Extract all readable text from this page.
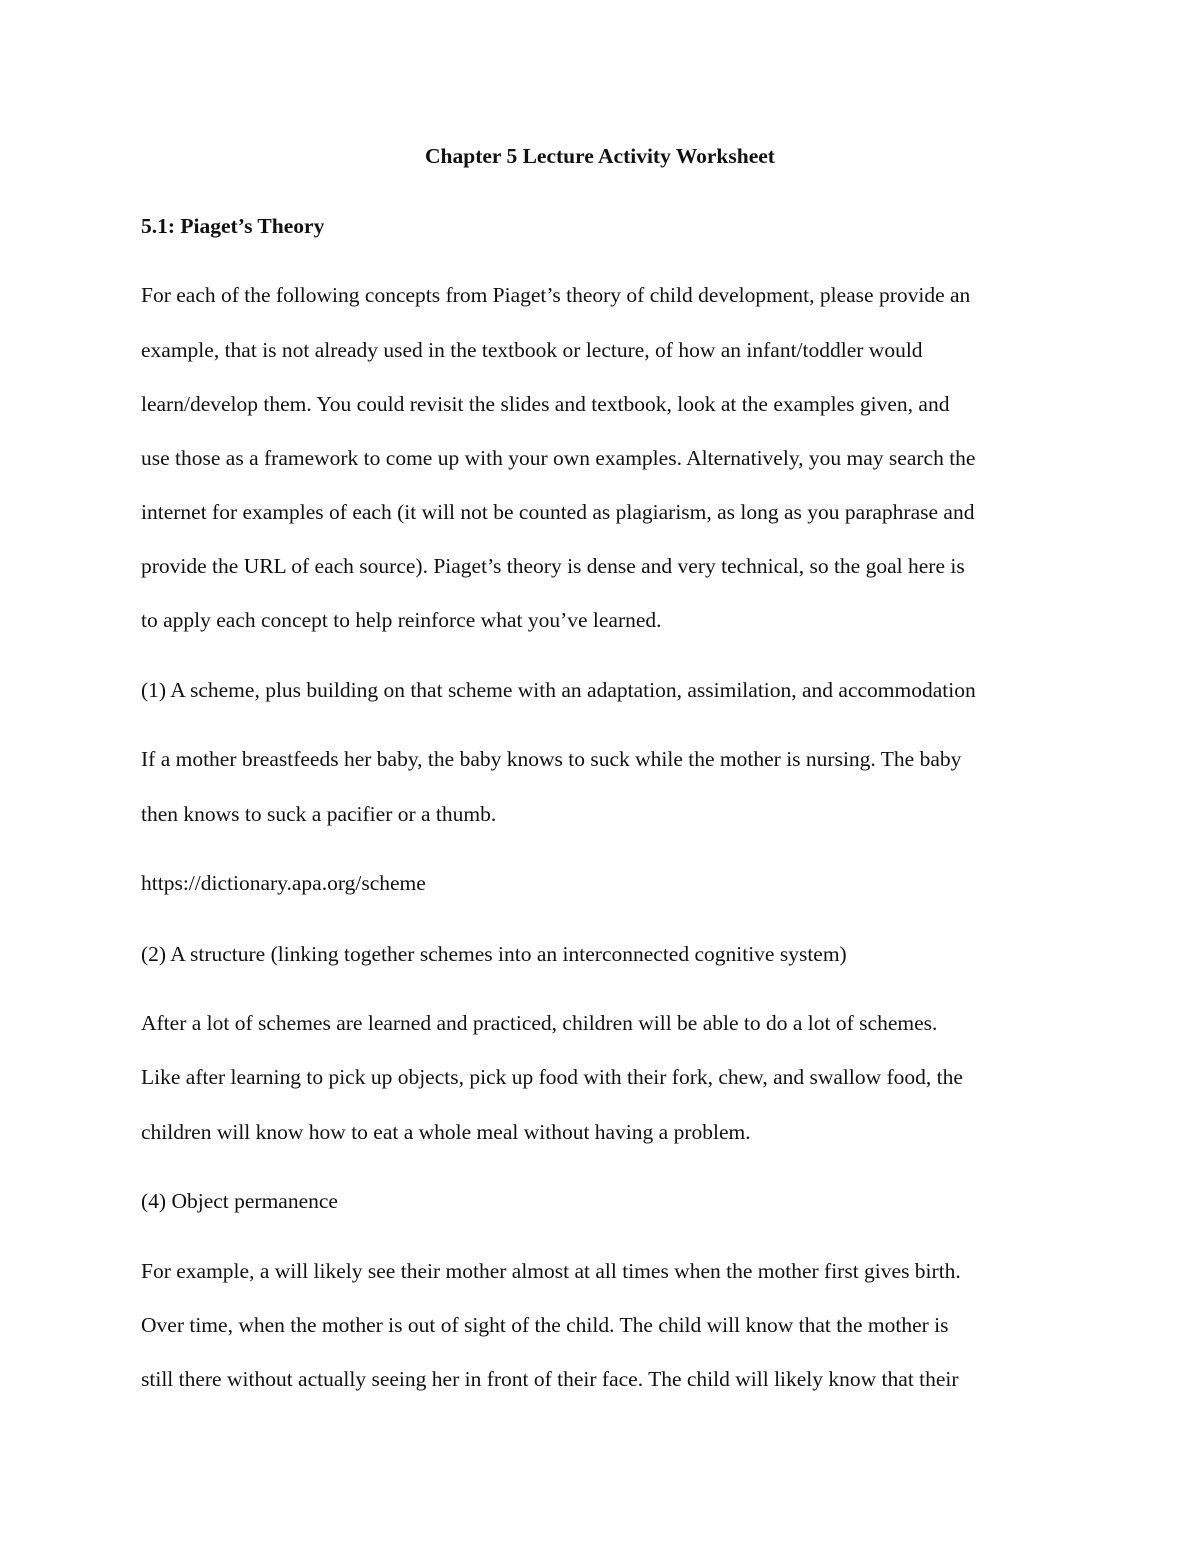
Chapter 5 Lecture Activity Worksheet

5.1: Piaget’s Theory

For each of the following concepts from Piaget’s theory of child development, please provide an

example, that is not already used in the textbook or lecture, of how an infant/toddler would

learn/develop them. You could revisit the slides and textbook, look at the examples given, and

use those as a framework to come up with your own examples. Alternatively, you may search the

internet for examples of each (it will not be counted as plagiarism, as long as you paraphrase and

provide the URL of each source). Piaget’s theory is dense and very technical, so the goal here is

to apply each concept to help reinforce what you’ve learned.

(1) A scheme, plus building on that scheme with an adaptation, assimilation, and accommodation

If a mother breastfeeds her baby, the baby knows to suck while the mother is nursing. The baby

then knows to suck a pacifier or a thumb.

https://dictionary.apa.org/scheme

(2) A structure (linking together schemes into an interconnected cognitive system)

After a lot of schemes are learned and practiced, children will be able to do a lot of schemes.

Like after learning to pick up objects, pick up food with their fork, chew, and swallow food, the

children will know how to eat a whole meal without having a problem.

(4) Object permanence

For example, a will likely see their mother almost at all times when the mother first gives birth.

Over time, when the mother is out of sight of the child. The child will know that the mother is

still there without actually seeing her in front of their face. The child will likely know that their
